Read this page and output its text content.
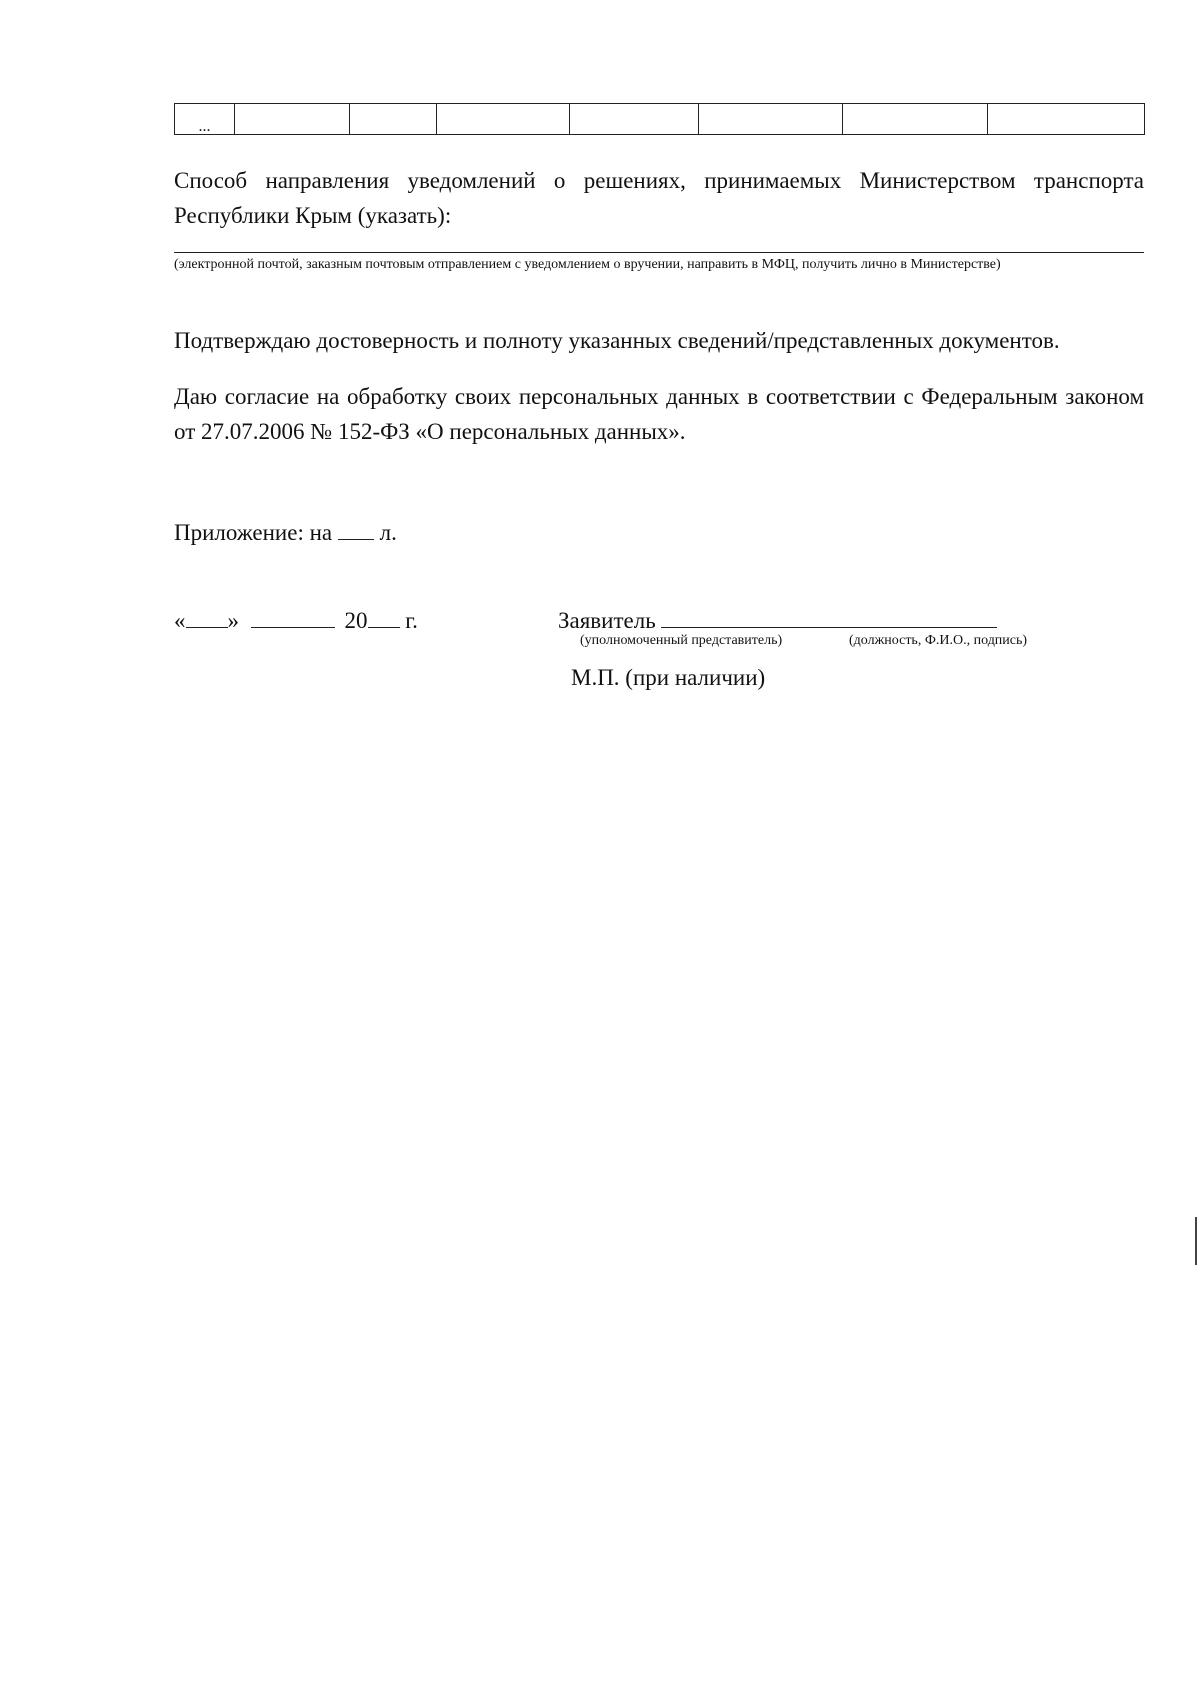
...							

Способ направления уведомлений о решениях, принимаемых Министерством транспорта Республики Крым (указать):

(электронной почтой, заказным почтовым отправлением с уведомлением о вручении, направить в МФЦ, получить лично в Министерстве)

Подтверждаю достоверность и полноту указанных сведений/представленных документов.

Даю согласие на обработку своих персональных данных в соответствии с Федеральным законом от 27.07.2006 № 152-ФЗ «О персональных данных».

Приложение: на л.
« »	20 г.	Заявитель
(уполномоченный представитель)	(должность, Ф.И.О., подпись)
М.П. (при наличии)
